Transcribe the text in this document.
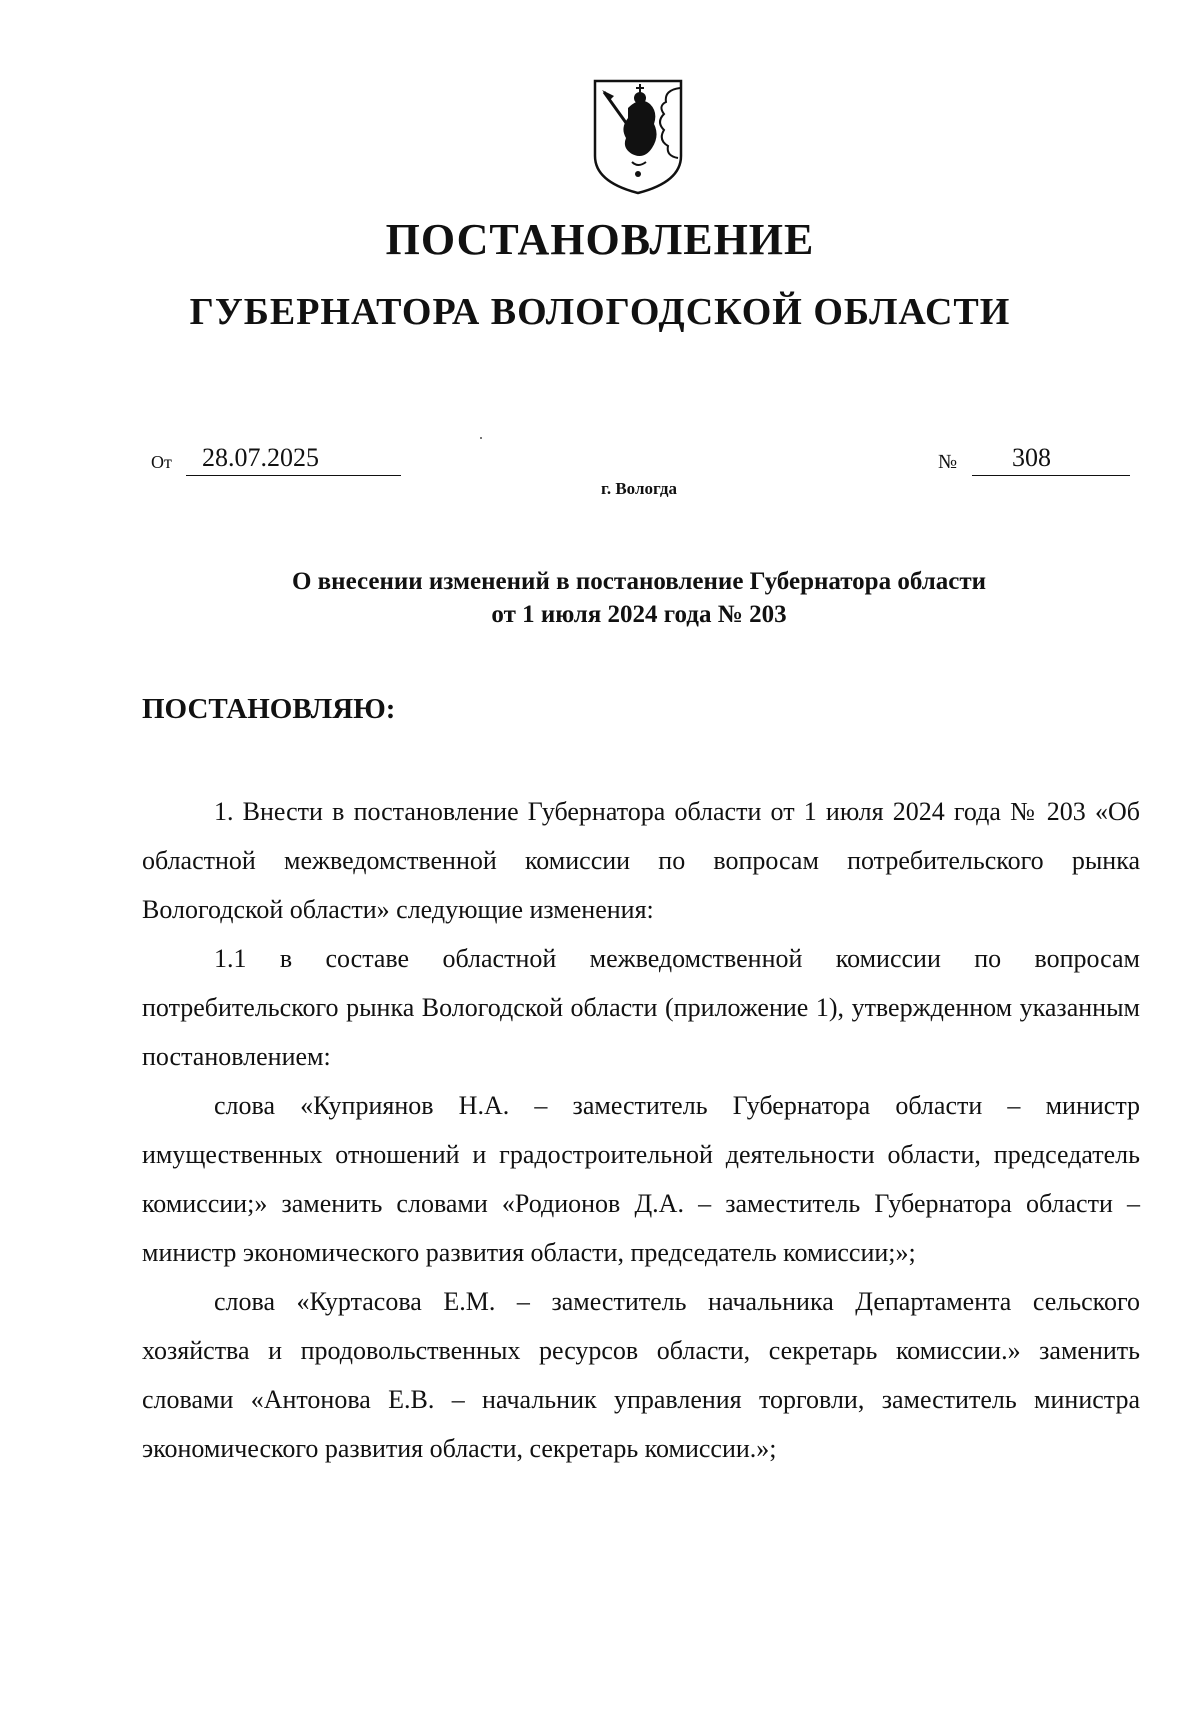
ПОСТАНОВЛЕНИЕ
ГУБЕРНАТОРА ВОЛОГОДСКОЙ ОБЛАСТИ
От	28.07.2025	№	308
г. Вологда
О внесении изменений в постановление Губернатора области
от 1 июля 2024 года № 203
ПОСТАНОВЛЯЮ:

1. Внести в постановление Губернатора области от 1 июля 2024 года № 203 «Об областной межведомственной комиссии по вопросам потребительского рынка Вологодской области» следующие изменения:

1.1 в составе областной межведомственной комиссии по вопросам потребительского рынка Вологодской области (приложение 1), утвержденном указанным постановлением:

слова «Куприянов Н.А. – заместитель Губернатора области – министр имущественных отношений и градостроительной деятельности области, председатель комиссии;» заменить словами «Родионов Д.А. – заместитель Губернатора области – министр экономического развития области, председатель комиссии;»;

слова «Куртасова Е.М. – заместитель начальника Департамента сельского хозяйства и продовольственных ресурсов области, секретарь комиссии.» заменить словами «Антонова Е.В. – начальник управления торговли, заместитель министра экономического развития области, секретарь комиссии.»;
